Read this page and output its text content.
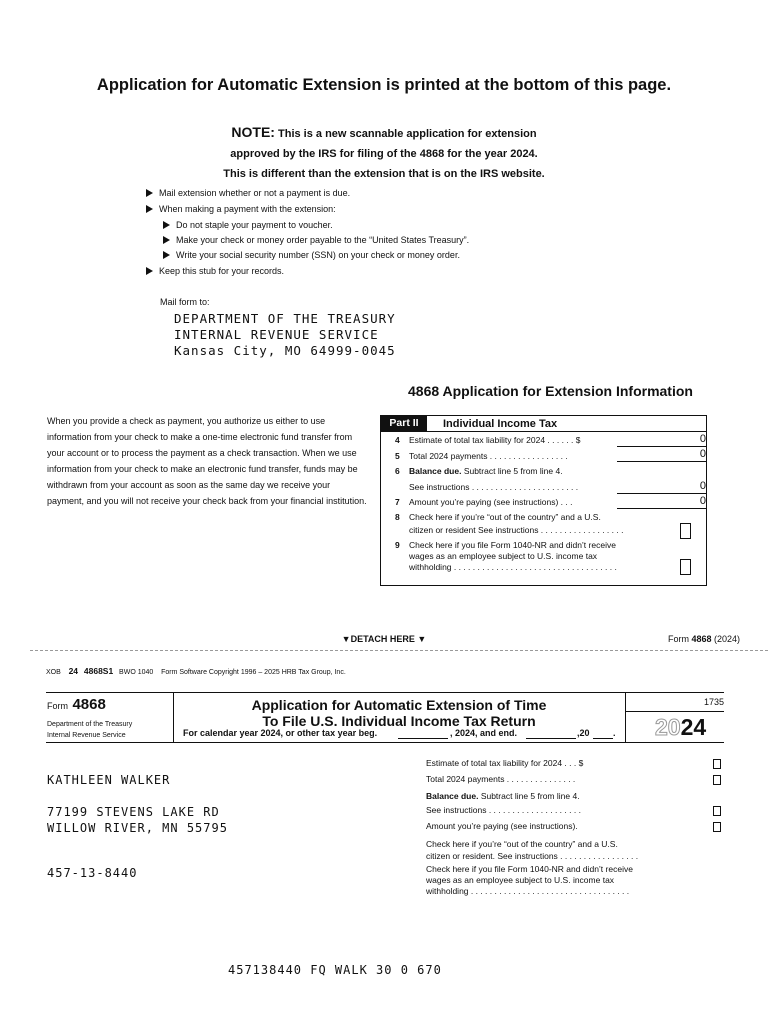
Application for Automatic Extension is printed at the bottom of this page.
NOTE: This is a new scannable application for extension
approved by the IRS for filing of the 4868 for the year 2024.
This is different than the extension that is on the IRS website.
Mail extension whether or not a payment is due.
When making a payment with the extension:
Do not staple your payment to voucher.
Make your check or money order payable to the “United States Treasury”.
Write your social security number (SSN) on your check or money order.
Keep this stub for your records.
Mail form to:
DEPARTMENT OF THE TREASURY
INTERNAL REVENUE SERVICE
Kansas City, MO 64999-0045
4868 Application for Extension Information
When you provide a check as payment, you authorize us either to use information from your check to make a one-time electronic fund transfer from your account or to process the payment as a check transaction. When we use information from your check to make an electronic fund transfer, funds may be withdrawn from your account as soon as the same day we receive your payment, and you will not receive your check back from your financial institution.
Part II	Individual Income Tax
4 Estimate of total tax liability for 2024 . . . . . . $	0
5 Total 2024 payments . . . . . . . . . . . . . . . . .	0
6 Balance due. Subtract line 5 from line 4.
See instructions . . . . . . . . . . . . . . . . . . . . . . .	0
7 Amount you’re paying (see instructions) . . .	0
8 Check here if you’re “out of the country” and a U.S.
citizen or resident See instructions . . . . . . . . . . . . . . . . . .
9 Check here if you file Form 1040-NR and didn’t receive
wages as an employee subject to U.S. income tax
withholding . . . . . . . . . . . . . . . . . . . . . . . . . . . . . . . . . . .
▼DETACH HERE ▼	Form 4868 (2024)
XOB 24 4868S1 BWO 1040 Form Software Copyright 1996 – 2025 HRB Tax Group, Inc.
Form 4868
Department of the Treasury
Internal Revenue Service
Application for Automatic Extension of Time
To File U.S. Individual Income Tax Return
For calendar year 2024, or other tax year beg.	, 2024, and end.	,20	.
1735
2024
KATHLEEN WALKER
77199 STEVENS LAKE RD
WILLOW RIVER, MN 55795
457-13-8440
Estimate of total tax liability for 2024 . . . $
Total 2024 payments . . . . . . . . . . . . . . .
Balance due. Subtract line 5 from line 4.
See instructions . . . . . . . . . . . . . . . . . . . .
Amount you’re paying (see instructions).
Check here if you’re “out of the country” and a U.S.
citizen or resident. See instructions . . . . . . . . . . . . . . . . .
Check here if you file Form 1040-NR and didn’t receive
wages as an employee subject to U.S. income tax
withholding . . . . . . . . . . . . . . . . . . . . . . . . . . . . . . . . . .
457138440 FQ WALK 30 0 670
